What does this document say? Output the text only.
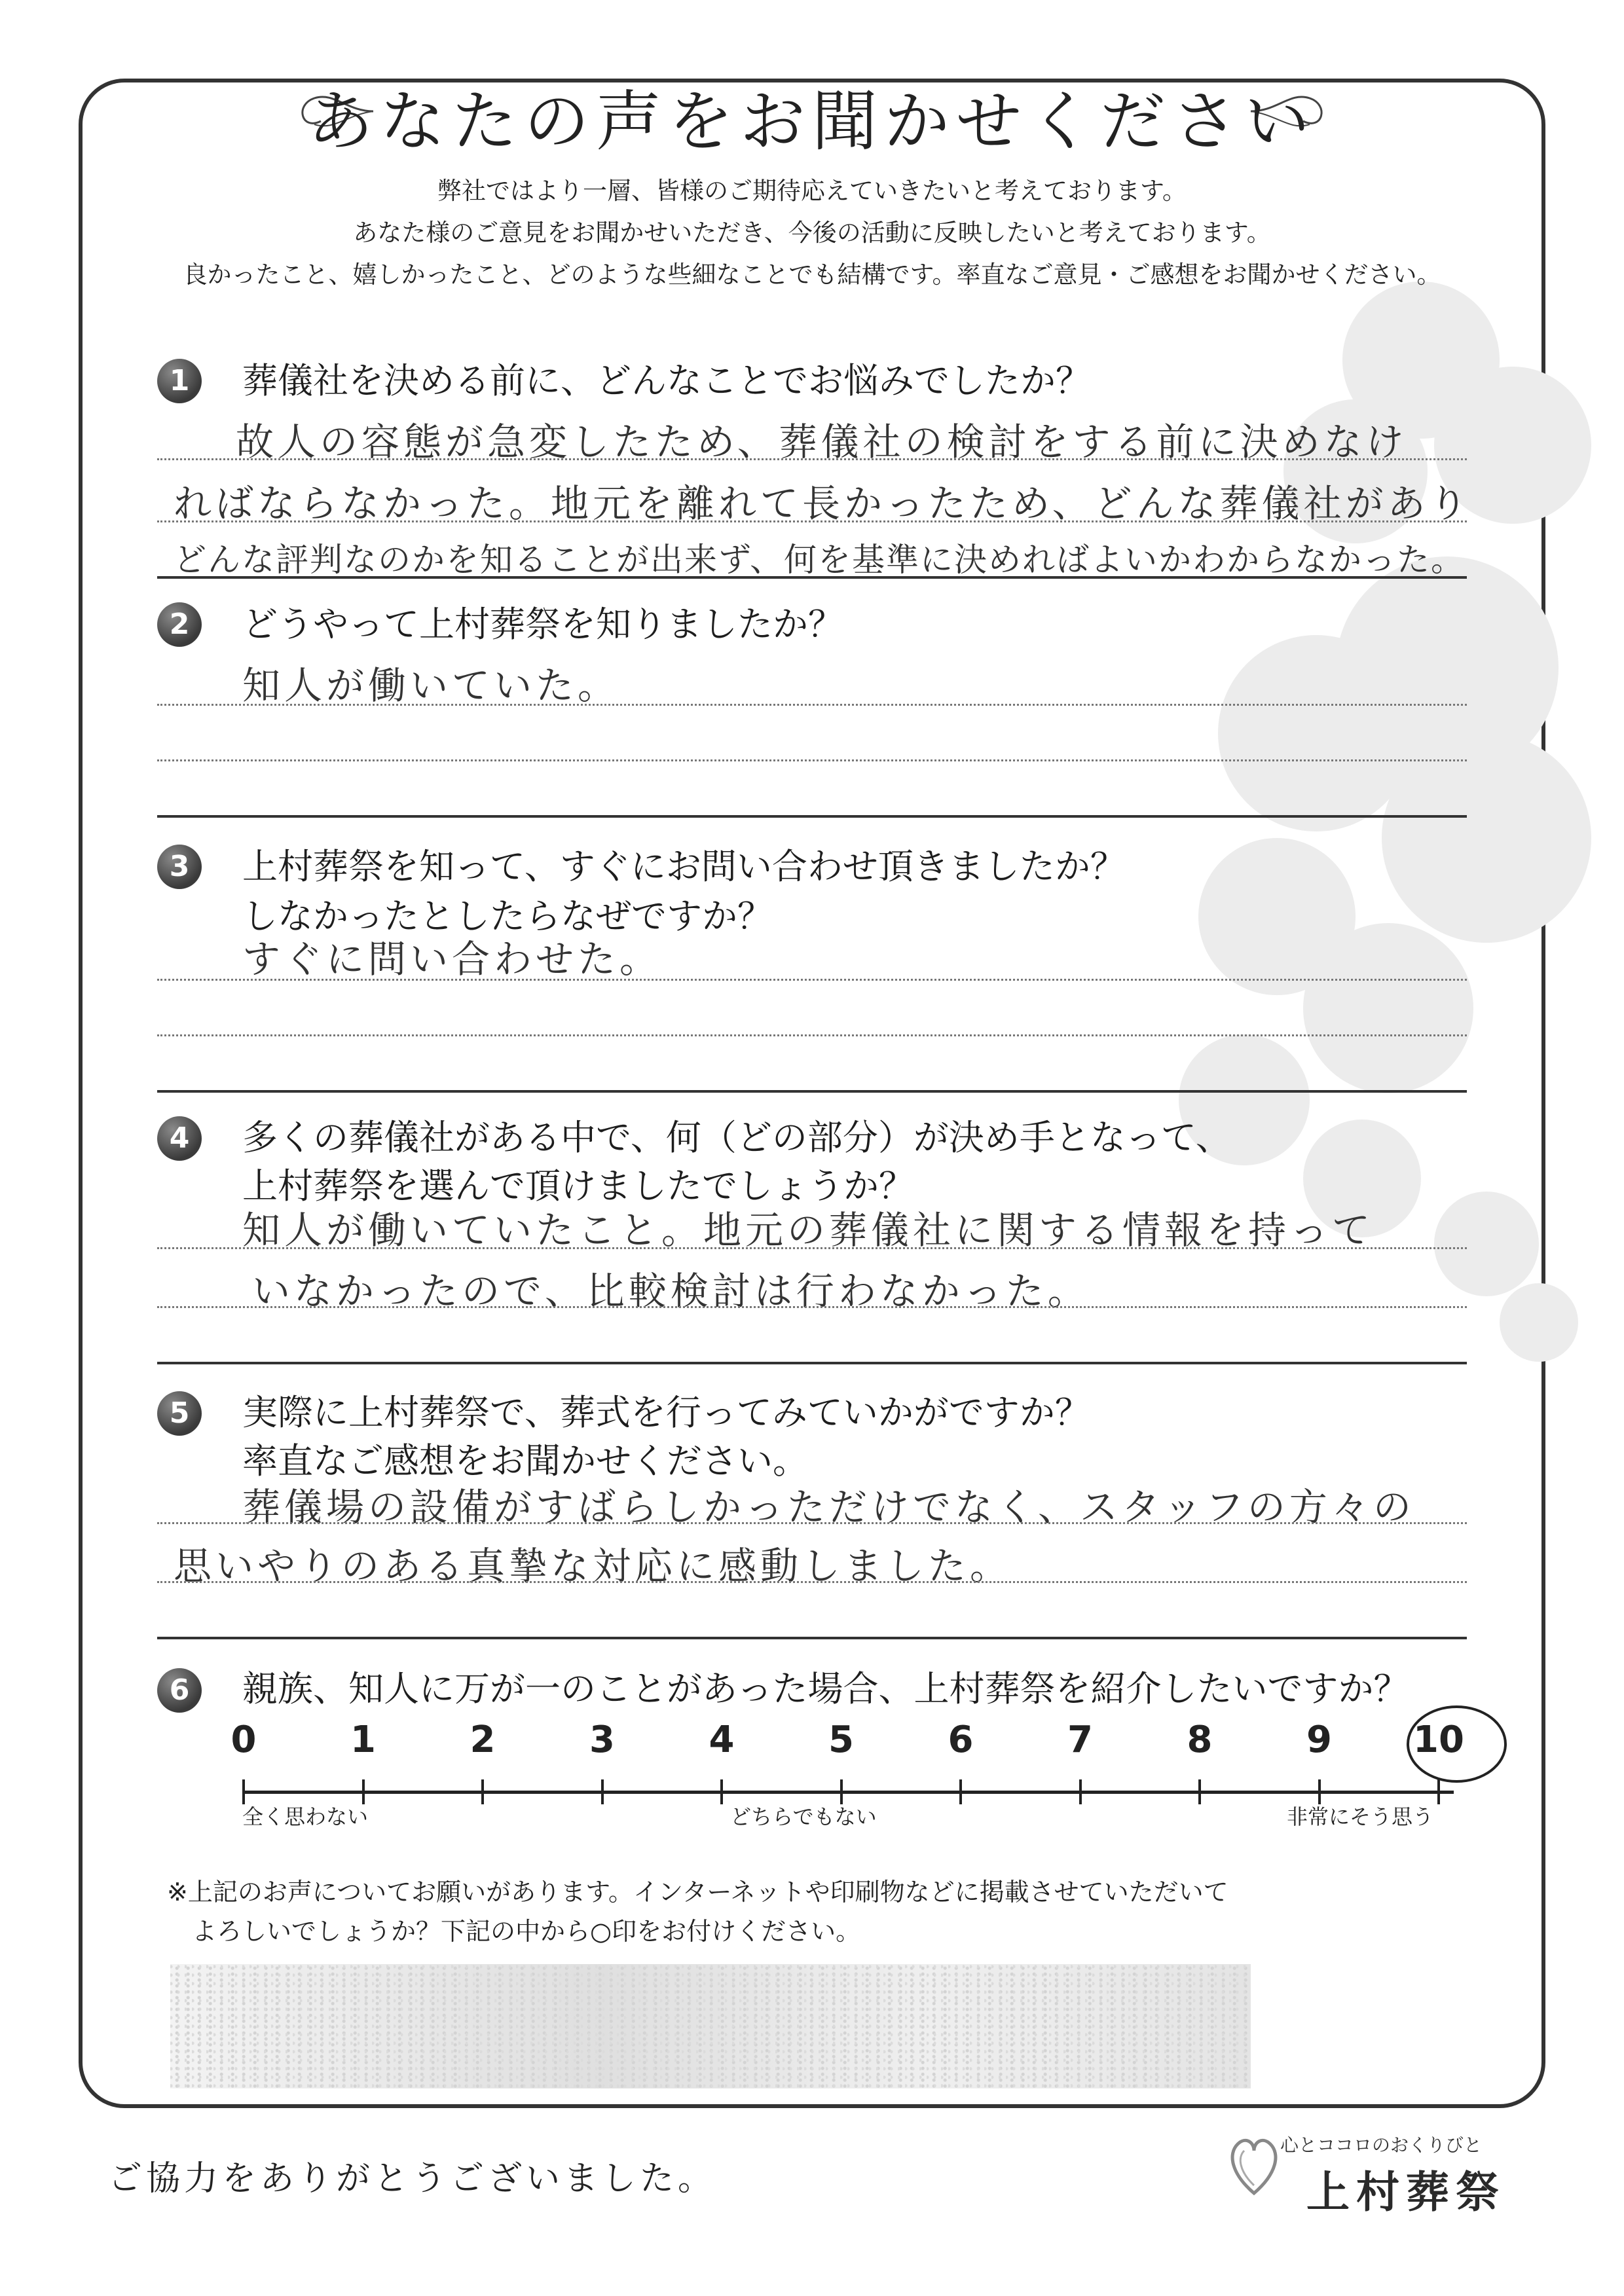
あなたの声をお聞かせください
弊社ではより一層、皆様のご期待応えていきたいと考えております。
あなた様のご意見をお聞かせいただき、今後の活動に反映したいと考えております。
良かったこと、嬉しかったこと、どのような些細なことでも結構です。率直なご意見・ご感想をお聞かせください。
1	葬儀社を決める前に、どんなことでお悩みでしたか？
故人の容態が急変したため、葬儀社の検討をする前に決めなけ
ればならなかった。地元を離れて長かったため、どんな葬儀社があり
どんな評判なのかを知ることが出来ず、何を基準に決めればよいかわからなかった。
2	どうやって上村葬祭を知りましたか？
知人が働いていた。
3	上村葬祭を知って、すぐにお問い合わせ頂きましたか？
しなかったとしたらなぜですか？
すぐに問い合わせた。
4	多くの葬儀社がある中で、何（どの部分）が決め手となって、
上村葬祭を選んで頂けましたでしょうか？
知人が働いていたこと。地元の葬儀社に関する情報を持って
いなかったので、比較検討は行わなかった。
5	実際に上村葬祭で、葬式を行ってみていかがですか？
率直なご感想をお聞かせください。
葬儀場の設備がすばらしかっただけでなく、スタッフの方々の
思いやりのある真摯な対応に感動しました。
6	親族、知人に万が一のことがあった場合、上村葬祭を紹介したいですか？
0	1	2	3	4	5	6	7	8	9	10
全く思わない	どちらでもない	非常にそう思う
※上記のお声についてお願いがあります。インターネットや印刷物などに掲載させていただいて
よろしいでしょうか？下記の中から○印をお付けください。
ご協力をありがとうございました。
心とココロのおくりびと
上村葬祭
